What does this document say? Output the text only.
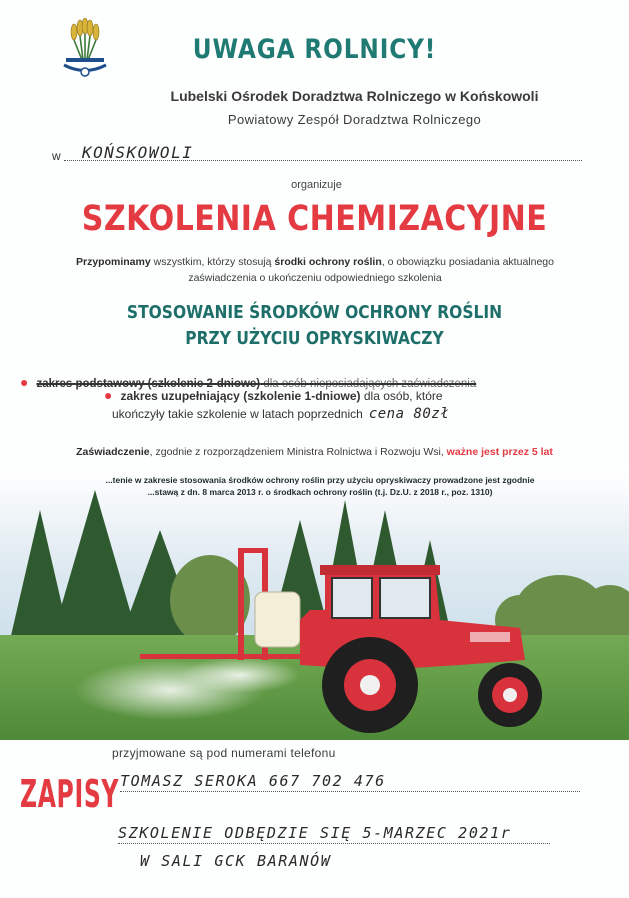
UWAGA ROLNICY!
Lubelski Ośrodek Doradztwa Rolniczego w Końskowoli
Powiatowy Zespół Doradztwa Rolniczego
w KOŃSKOWOLI
organizuje
SZKOLENIA CHEMIZACYJNE
Przypominamy wszystkim, którzy stosują środki ochrony roślin, o obowiązku posiadania aktualnego zaświadczenia o ukończeniu odpowiedniego szkolenia
STOSOWANIE ŚRODKÓW OCHRONY ROŚLIN
PRZY UŻYCIU OPRYSKIWACZY
● zakres podstawowy (szkolenie 2-dniowe) dla osób nieposiadających zaświadczenia
● zakres uzupełniający (szkolenie 1-dniowe) dla osób, które
ukończyły takie szkolenie w latach poprzednich cena 80zł
Zaświadczenie, zgodnie z rozporządzeniem Ministra Rolnictwa i Rozwoju Wsi, ważne jest przez 5 lat
...tenie w zakresie stosowania środków ochrony roślin przy użyciu opryskiwaczy prowadzone jest zgodnie
...stawą z dn. 8 marca 2013 r. o środkach ochrony roślin (t.j. Dz.U. z 2018 r., poz. 1310)
przyjmowane są pod numerami telefonu
ZAPISY TOMASZ SEROKA 667 702 476
SZKOLENIE ODBĘDZIE SIĘ 5-MARZEC 2021r
W SALI GCK BARANÓW
